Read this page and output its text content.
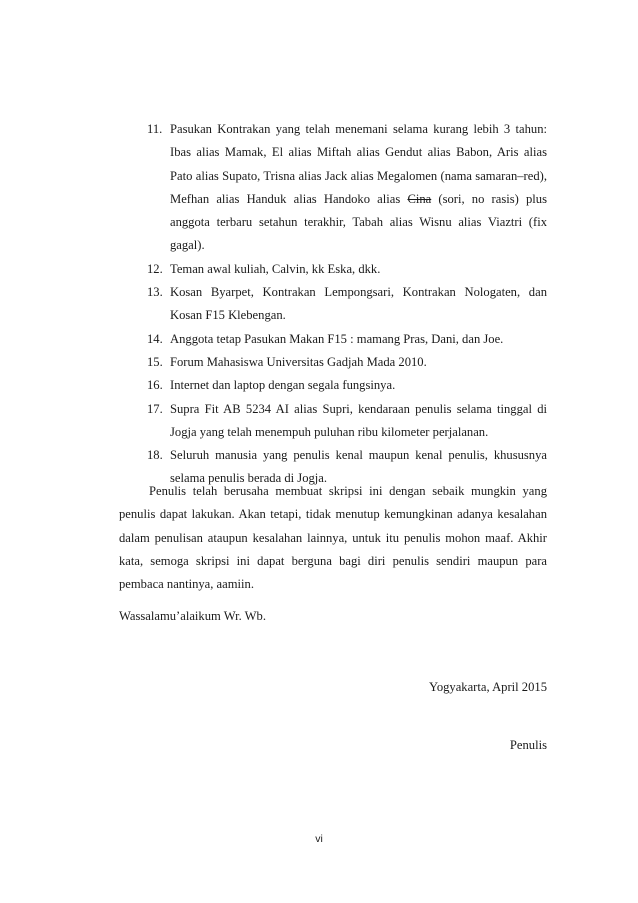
11. Pasukan Kontrakan yang telah menemani selama kurang lebih 3 tahun: Ibas alias Mamak, El alias Miftah alias Gendut alias Babon, Aris alias Pato alias Supato, Trisna alias Jack alias Megalomen (nama samaran–red), Mefhan alias Handuk alias Handoko alias Cina (sori, no rasis) plus anggota terbaru setahun terakhir, Tabah alias Wisnu alias Viaztri (fix gagal).
12. Teman awal kuliah, Calvin, kk Eska, dkk.
13. Kosan Byarpet, Kontrakan Lempongsari, Kontrakan Nologaten, dan Kosan F15 Klebengan.
14. Anggota tetap Pasukan Makan F15 : mamang Pras, Dani, dan Joe.
15. Forum Mahasiswa Universitas Gadjah Mada 2010.
16. Internet dan laptop dengan segala fungsinya.
17. Supra Fit AB 5234 AI alias Supri, kendaraan penulis selama tinggal di Jogja yang telah menempuh puluhan ribu kilometer perjalanan.
18. Seluruh manusia yang penulis kenal maupun kenal penulis, khususnya selama penulis berada di Jogja.

Penulis telah berusaha membuat skripsi ini dengan sebaik mungkin yang penulis dapat lakukan. Akan tetapi, tidak menutup kemungkinan adanya kesalahan dalam penulisan ataupun kesalahan lainnya, untuk itu penulis mohon maaf. Akhir kata, semoga skripsi ini dapat berguna bagi diri penulis sendiri maupun para pembaca nantinya, aamiin.

Wassalamu’alaikum Wr. Wb.

Yogyakarta, April 2015

Penulis

vi
